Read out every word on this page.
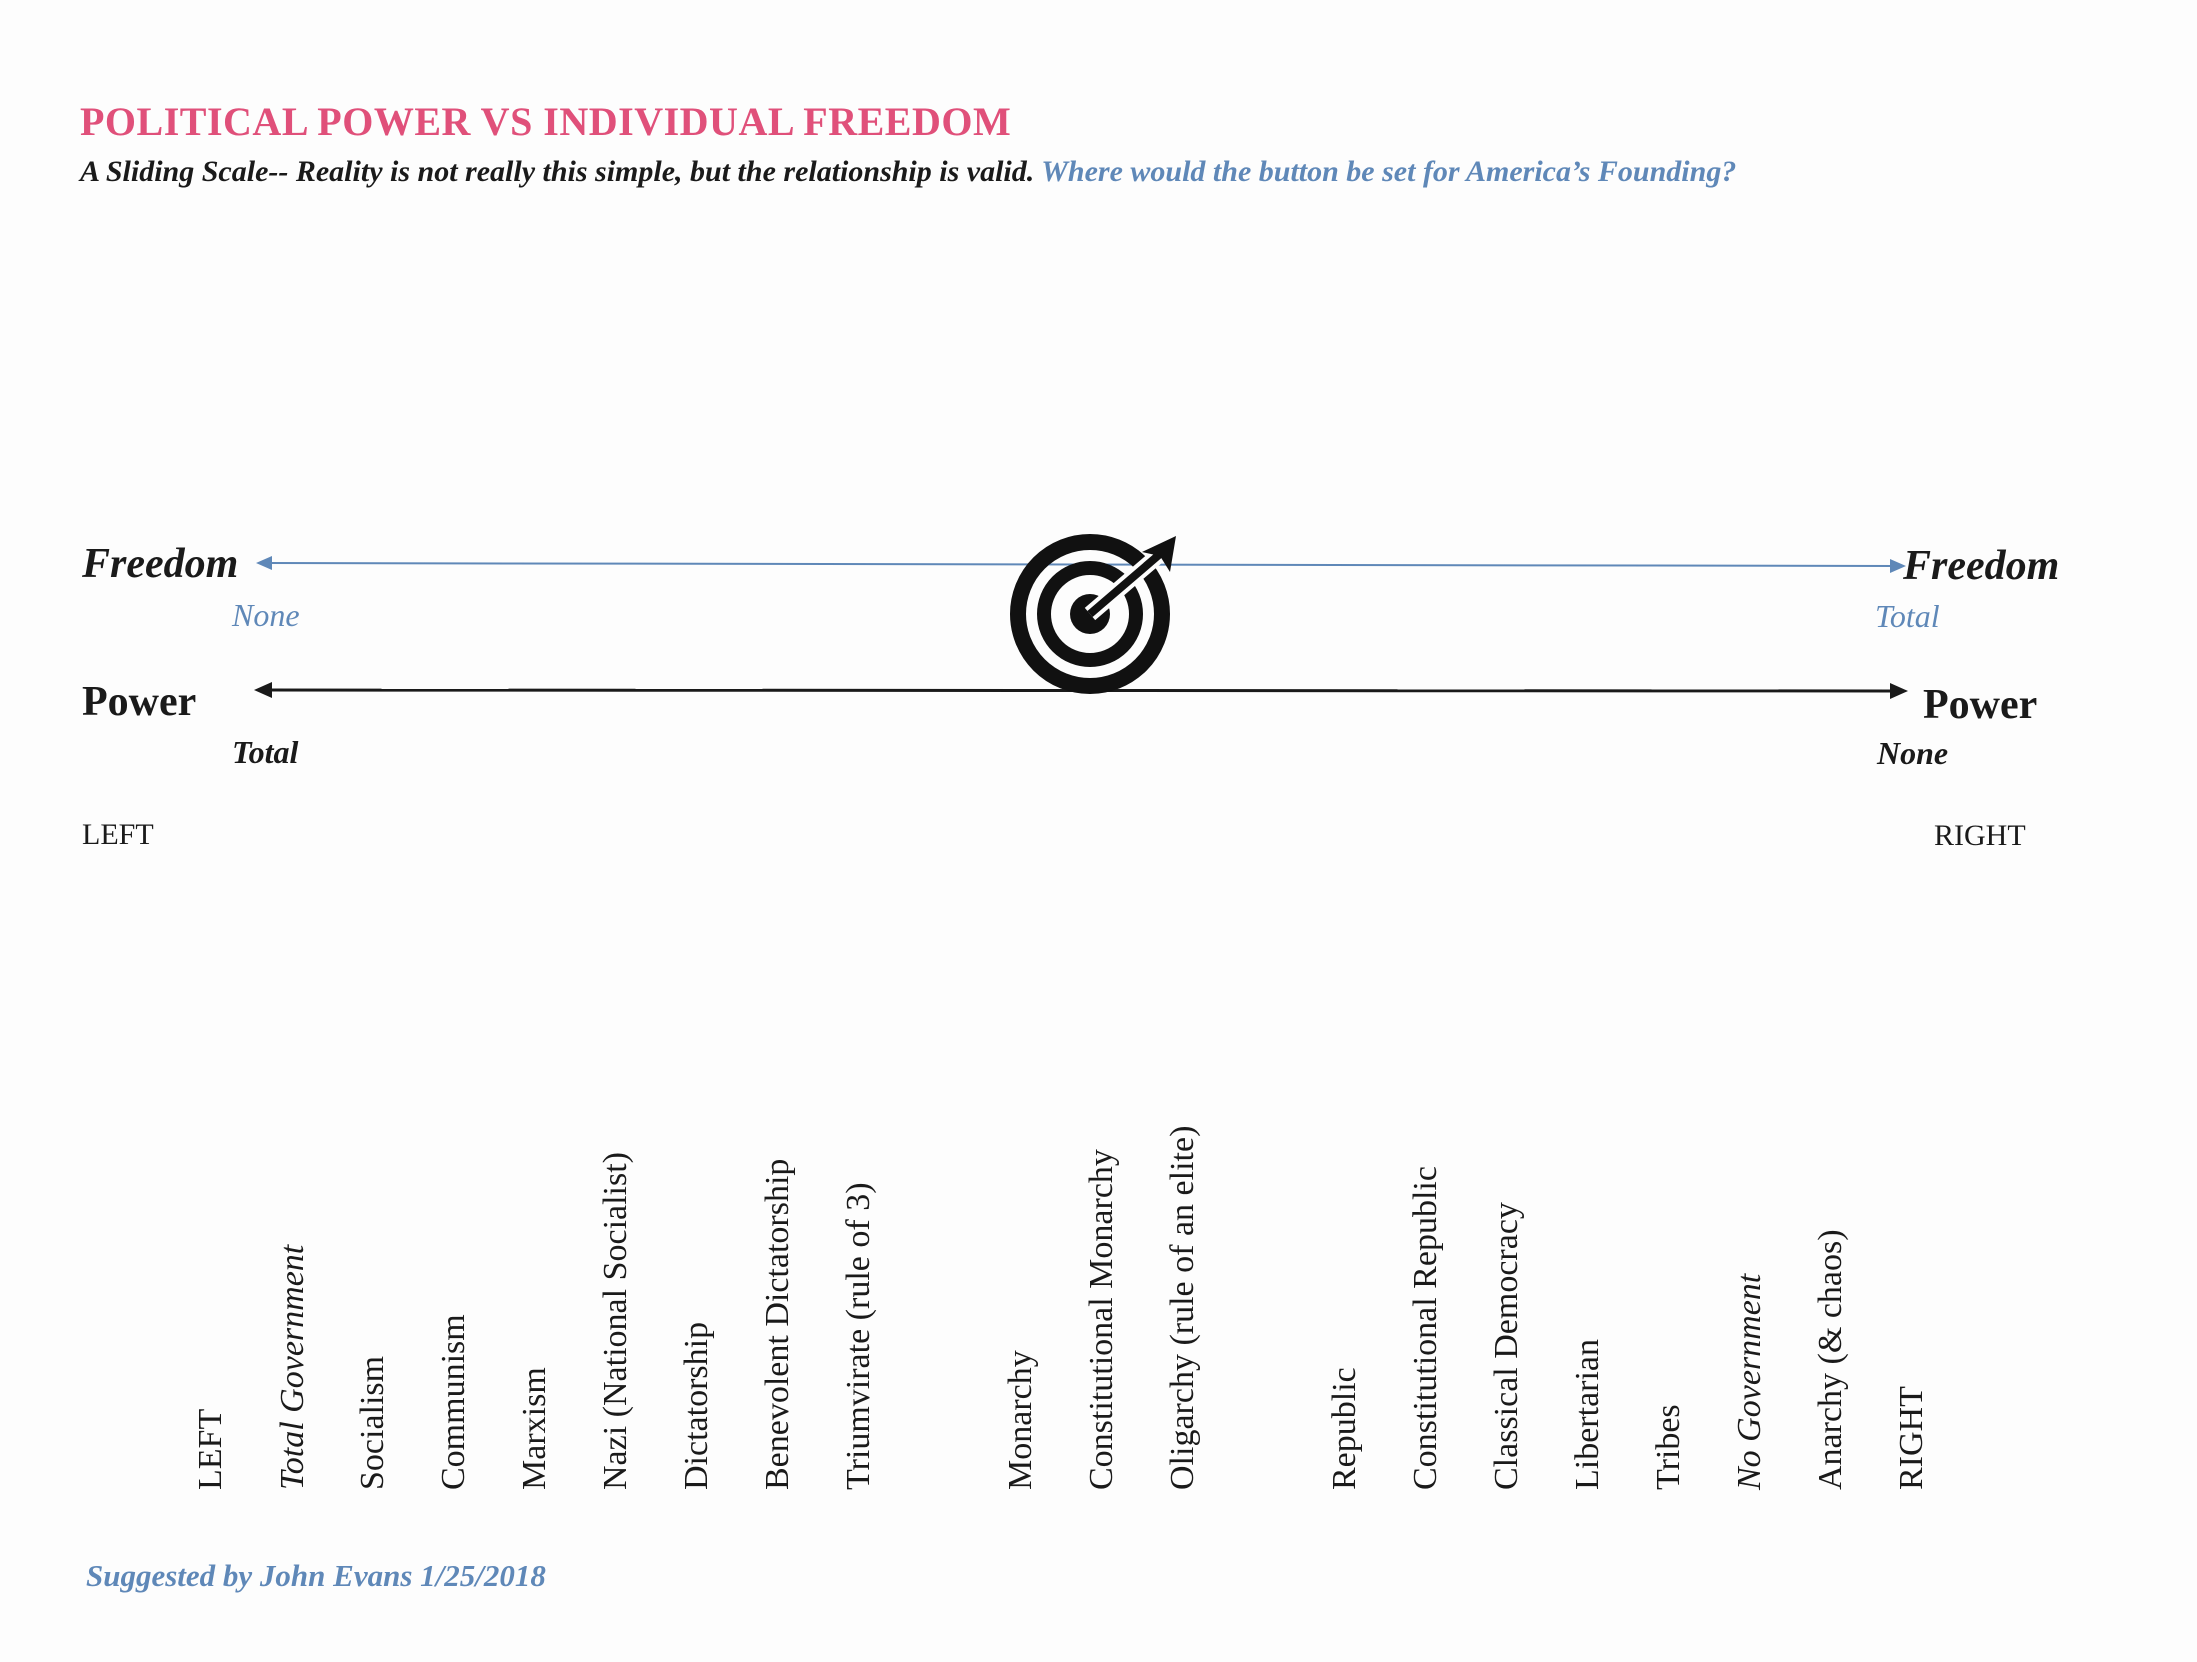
POLITICAL POWER VS INDIVIDUAL FREEDOM
A Sliding Scale-- Reality is not really this simple, but the relationship is valid. Where would the button be set for America’s Founding?
Freedom
None
Freedom
Total
Power
Total
Power
None
LEFT	RIGHT
LEFT Total Government Socialism Communism Marxism Nazi (National Socialist) Dictatorship Benevolent Dictatorship Triumvirate (rule of 3)	Monarchy Constitutional Monarchy Oligarchy (rule of an elite)	Republic Constitutional Republic Classical Democracy Libertarian Tribes No Government Anarchy (& chaos) RIGHT
Suggested by John Evans 1/25/2018
